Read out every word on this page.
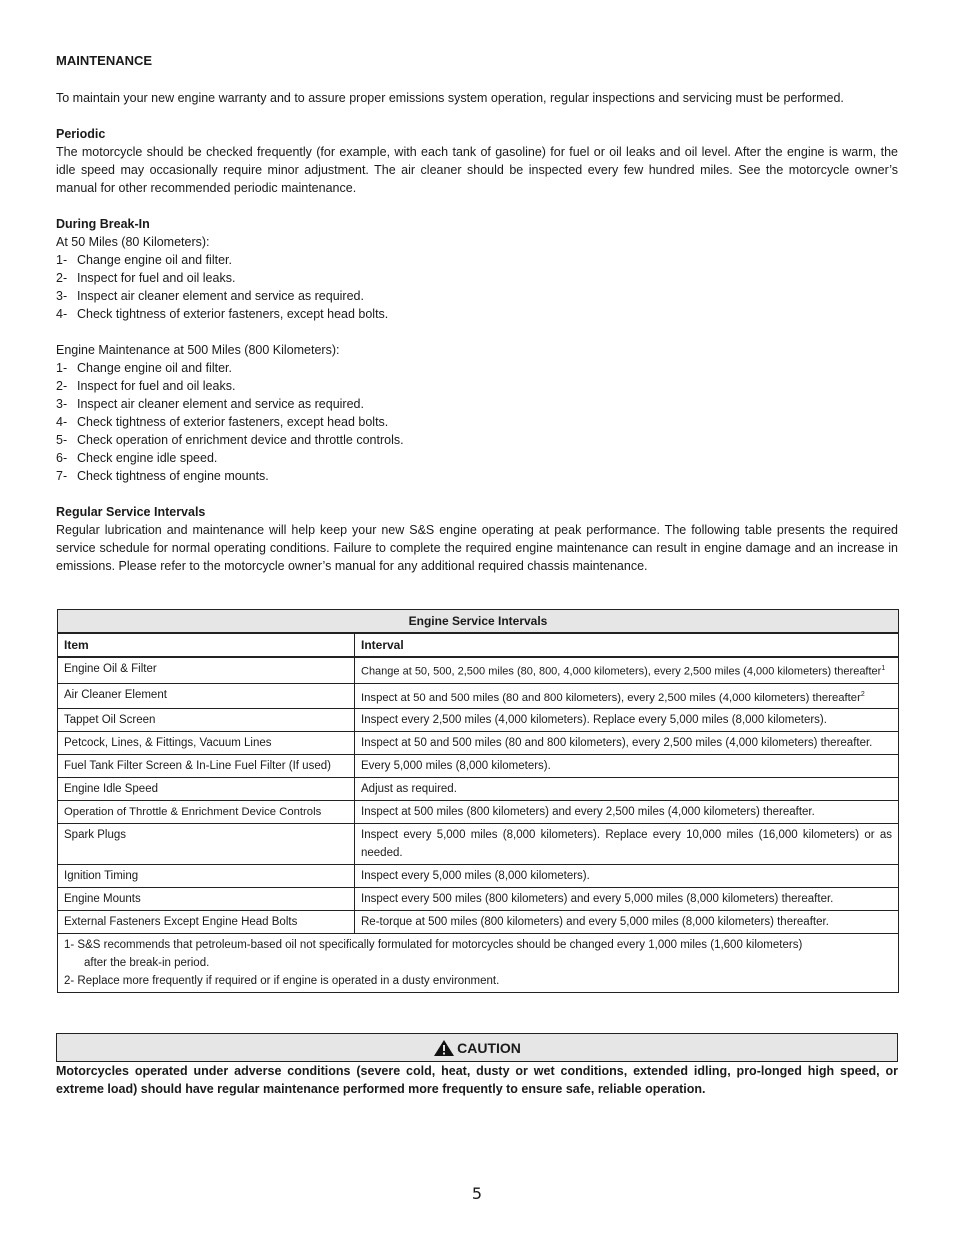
MAINTENANCE

To maintain your new engine warranty and to assure proper emissions system operation, regular inspections and servicing must be performed.

Periodic

The motorcycle should be checked frequently (for example, with each tank of gasoline) for fuel or oil leaks and oil level. After the engine is warm, the idle speed may occasionally require minor adjustment. The air cleaner should be inspected every few hundred miles. See the motorcycle owner’s manual for other recommended periodic maintenance.

During Break-In
At 50 Miles (80 Kilometers):
1- Change engine oil and filter.
2- Inspect for fuel and oil leaks.
3- Inspect air cleaner element and service as required.
4- Check tightness of exterior fasteners, except head bolts.
Engine Maintenance at 500 Miles (800 Kilometers):
1- Change engine oil and filter.
2- Inspect for fuel and oil leaks.
3- Inspect air cleaner element and service as required.
4- Check tightness of exterior fasteners, except head bolts.
5- Check operation of enrichment device and throttle controls.
6- Check engine idle speed.
7- Check tightness of engine mounts.
Regular Service Intervals

Regular lubrication and maintenance will help keep your new S&S engine operating at peak performance. The following table presents the required service schedule for normal operating conditions. Failure to complete the required engine maintenance can result in engine damage and an increase in emissions. Please refer to the motorcycle owner’s manual for any additional required chassis maintenance.

Engine Service Intervals	
Item	Interval
Engine Oil & Filter	Change at 50, 500, 2,500 miles (80, 800, 4,000 kilometers), every 2,500 miles (4,000 kilometers) thereafter$^1$
Air Cleaner Element	Inspect at 50 and 500 miles (80 and 800 kilometers), every 2,500 miles (4,000 kilometers) thereafter$^2$
Tappet Oil Screen	Inspect every 2,500 miles (4,000 kilometers). Replace every 5,000 miles (8,000 kilometers).
Petcock, Lines, & Fittings, Vacuum Lines	Inspect at 50 and 500 miles (80 and 800 kilometers), every 2,500 miles (4,000 kilometers) thereafter.
Fuel Tank Filter Screen & In-Line Fuel Filter (If used)	Every 5,000 miles (8,000 kilometers).
Engine Idle Speed	Adjust as required.
Operation of Throttle & Enrichment Device Controls	Inspect at 500 miles (800 kilometers) and every 2,500 miles (4,000 kilometers) thereafter.
Spark Plugs	Inspect every 5,000 miles (8,000 kilometers). Replace every 10,000 miles (16,000 kilometers) or as needed.
Ignition Timing	Inspect every 5,000 miles (8,000 kilometers).
Engine Mounts	Inspect every 500 miles (800 kilometers) and every 5,000 miles (8,000 kilometers) thereafter.
External Fasteners Except Engine Head Bolts	Re-torque at 500 miles (800 kilometers) and every 5,000 miles (8,000 kilometers) thereafter.

1- S&S recommends that petroleum-based oil not specifically formulated for motorcycles should be changed every 1,000 miles (1,600 kilometers)
after the break-in period.
2- Replace more frequently if required or if engine is operated in a dusty environment.	
CAUTION
Motorcycles operated under adverse conditions (severe cold, heat, dusty or wet conditions, extended idling, pro-longed high speed, or extreme load) should have regular maintenance performed more frequently to ensure safe, reliable operation.
5
